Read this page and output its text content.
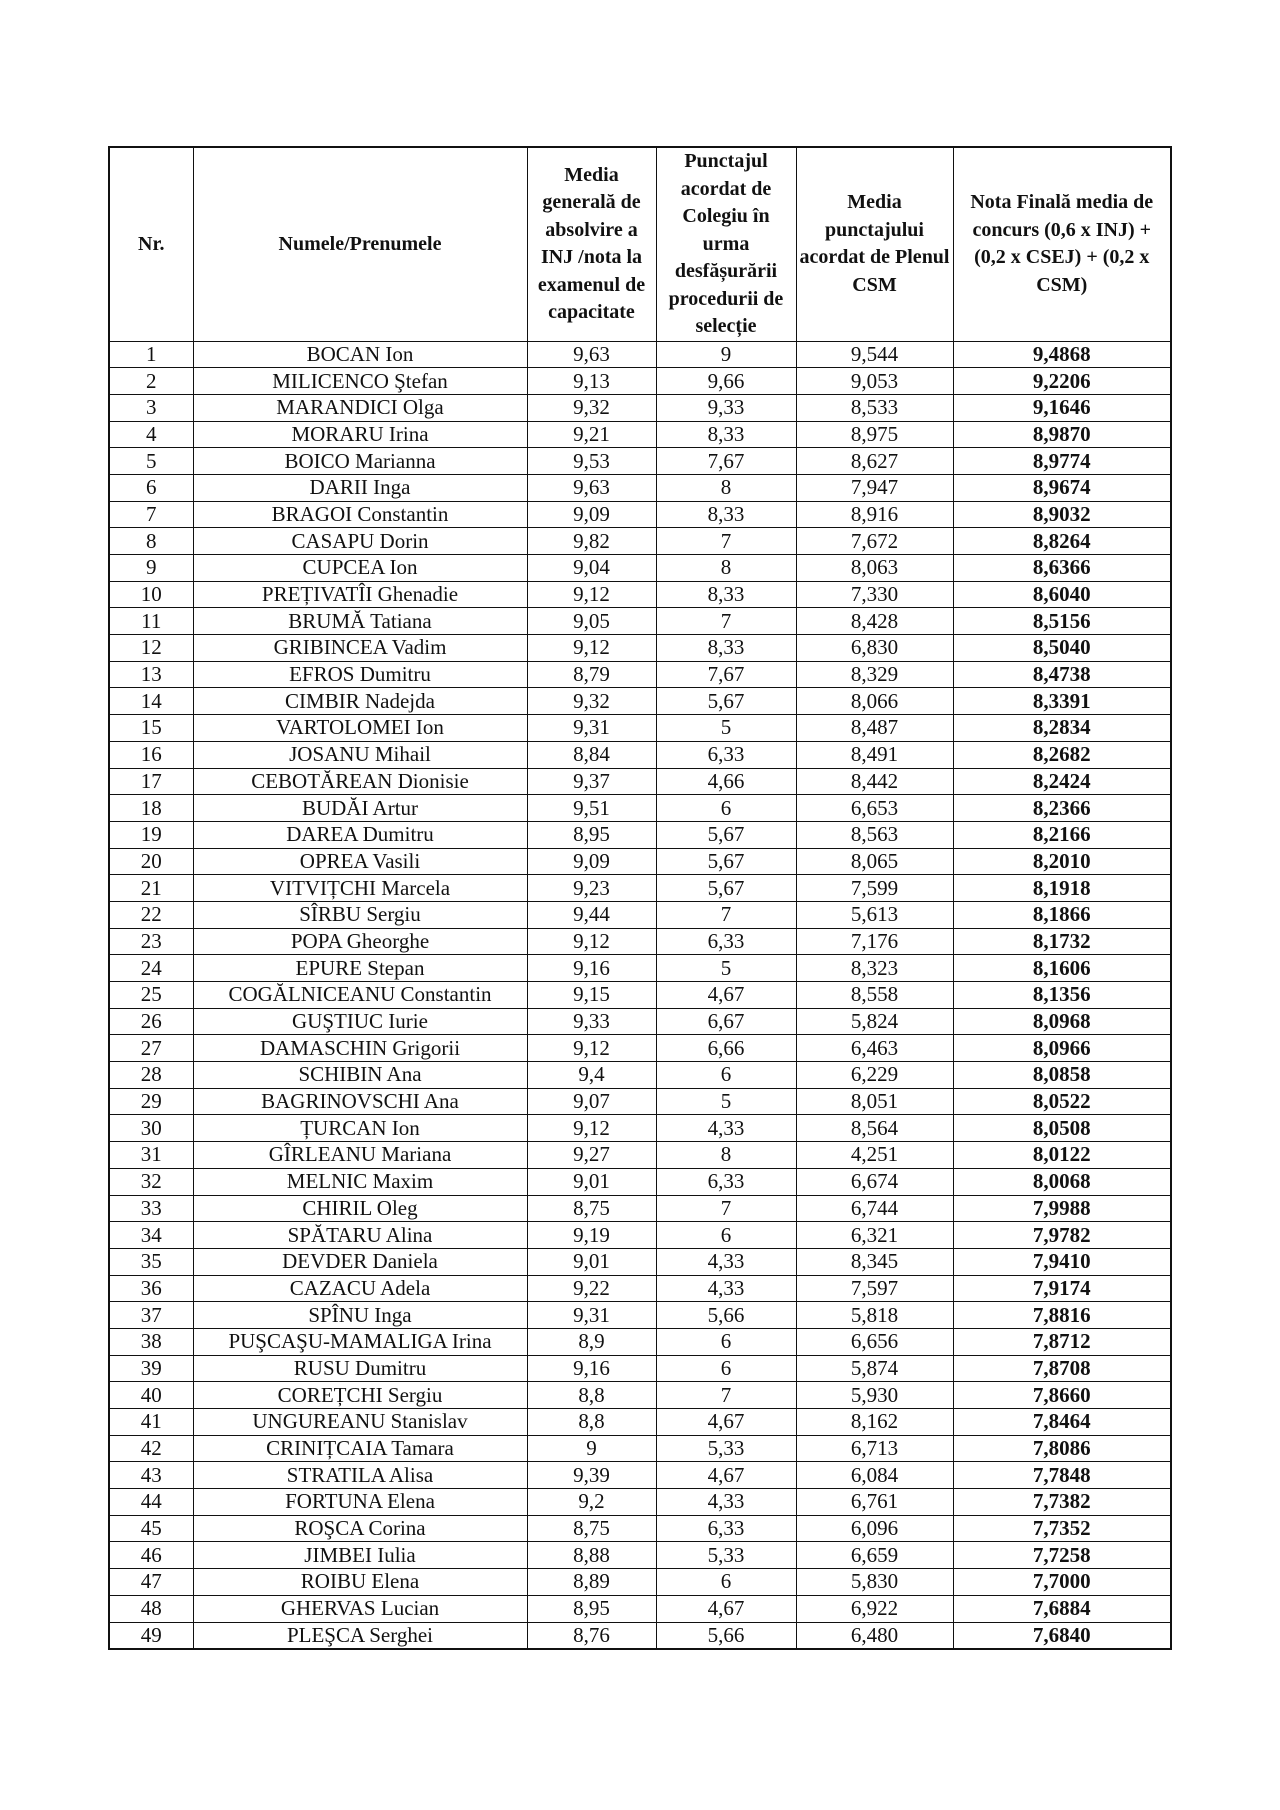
Nr.	Numele/Prenumele	Media generală de absolvire a INJ /nota la examenul de capacitate	Punctajul acordat de Colegiu în urma desfășurării procedurii de selecție	Media punctajului acordat de Plenul CSM	Nota Finală media de concurs (0,6 x INJ) + (0,2 x CSEJ) + (0,2 x CSM)
1	BOCAN Ion	9,63	9	9,544	9,4868
2	MILICENCO Ştefan	9,13	9,66	9,053	9,2206
3	MARANDICI Olga	9,32	9,33	8,533	9,1646
4	MORARU Irina	9,21	8,33	8,975	8,9870
5	BOICO Marianna	9,53	7,67	8,627	8,9774
6	DARII Inga	9,63	8	7,947	8,9674
7	BRAGOI Constantin	9,09	8,33	8,916	8,9032
8	CASAPU Dorin	9,82	7	7,672	8,8264
9	CUPCEA Ion	9,04	8	8,063	8,6366
10	PREȚIVATÎI Ghenadie	9,12	8,33	7,330	8,6040
11	BRUMĂ Tatiana	9,05	7	8,428	8,5156
12	GRIBINCEA Vadim	9,12	8,33	6,830	8,5040
13	EFROS Dumitru	8,79	7,67	8,329	8,4738
14	CIMBIR Nadejda	9,32	5,67	8,066	8,3391
15	VARTOLOMEI Ion	9,31	5	8,487	8,2834
16	JOSANU Mihail	8,84	6,33	8,491	8,2682
17	CEBOTĂREAN Dionisie	9,37	4,66	8,442	8,2424
18	BUDĂI Artur	9,51	6	6,653	8,2366
19	DAREA Dumitru	8,95	5,67	8,563	8,2166
20	OPREA Vasili	9,09	5,67	8,065	8,2010
21	VITVIȚCHI Marcela	9,23	5,67	7,599	8,1918
22	SÎRBU Sergiu	9,44	7	5,613	8,1866
23	POPA Gheorghe	9,12	6,33	7,176	8,1732
24	EPURE Stepan	9,16	5	8,323	8,1606
25	COGĂLNICEANU Constantin	9,15	4,67	8,558	8,1356
26	GUŞTIUC Iurie	9,33	6,67	5,824	8,0968
27	DAMASCHIN Grigorii	9,12	6,66	6,463	8,0966
28	SCHIBIN Ana	9,4	6	6,229	8,0858
29	BAGRINOVSCHI Ana	9,07	5	8,051	8,0522
30	ȚURCAN Ion	9,12	4,33	8,564	8,0508
31	GÎRLEANU Mariana	9,27	8	4,251	8,0122
32	MELNIC Maxim	9,01	6,33	6,674	8,0068
33	CHIRIL Oleg	8,75	7	6,744	7,9988
34	SPĂTARU Alina	9,19	6	6,321	7,9782
35	DEVDER Daniela	9,01	4,33	8,345	7,9410
36	CAZACU Adela	9,22	4,33	7,597	7,9174
37	SPÎNU Inga	9,31	5,66	5,818	7,8816
38	PUŞCAŞU-MAMALIGA Irina	8,9	6	6,656	7,8712
39	RUSU Dumitru	9,16	6	5,874	7,8708
40	COREȚCHI Sergiu	8,8	7	5,930	7,8660
41	UNGUREANU Stanislav	8,8	4,67	8,162	7,8464
42	CRINIȚCAIA Tamara	9	5,33	6,713	7,8086
43	STRATILA Alisa	9,39	4,67	6,084	7,7848
44	FORTUNA Elena	9,2	4,33	6,761	7,7382
45	ROŞCA Corina	8,75	6,33	6,096	7,7352
46	JIMBEI Iulia	8,88	5,33	6,659	7,7258
47	ROIBU Elena	8,89	6	5,830	7,7000
48	GHERVAS Lucian	8,95	4,67	6,922	7,6884
49	PLEŞCA Serghei	8,76	5,66	6,480	7,6840
